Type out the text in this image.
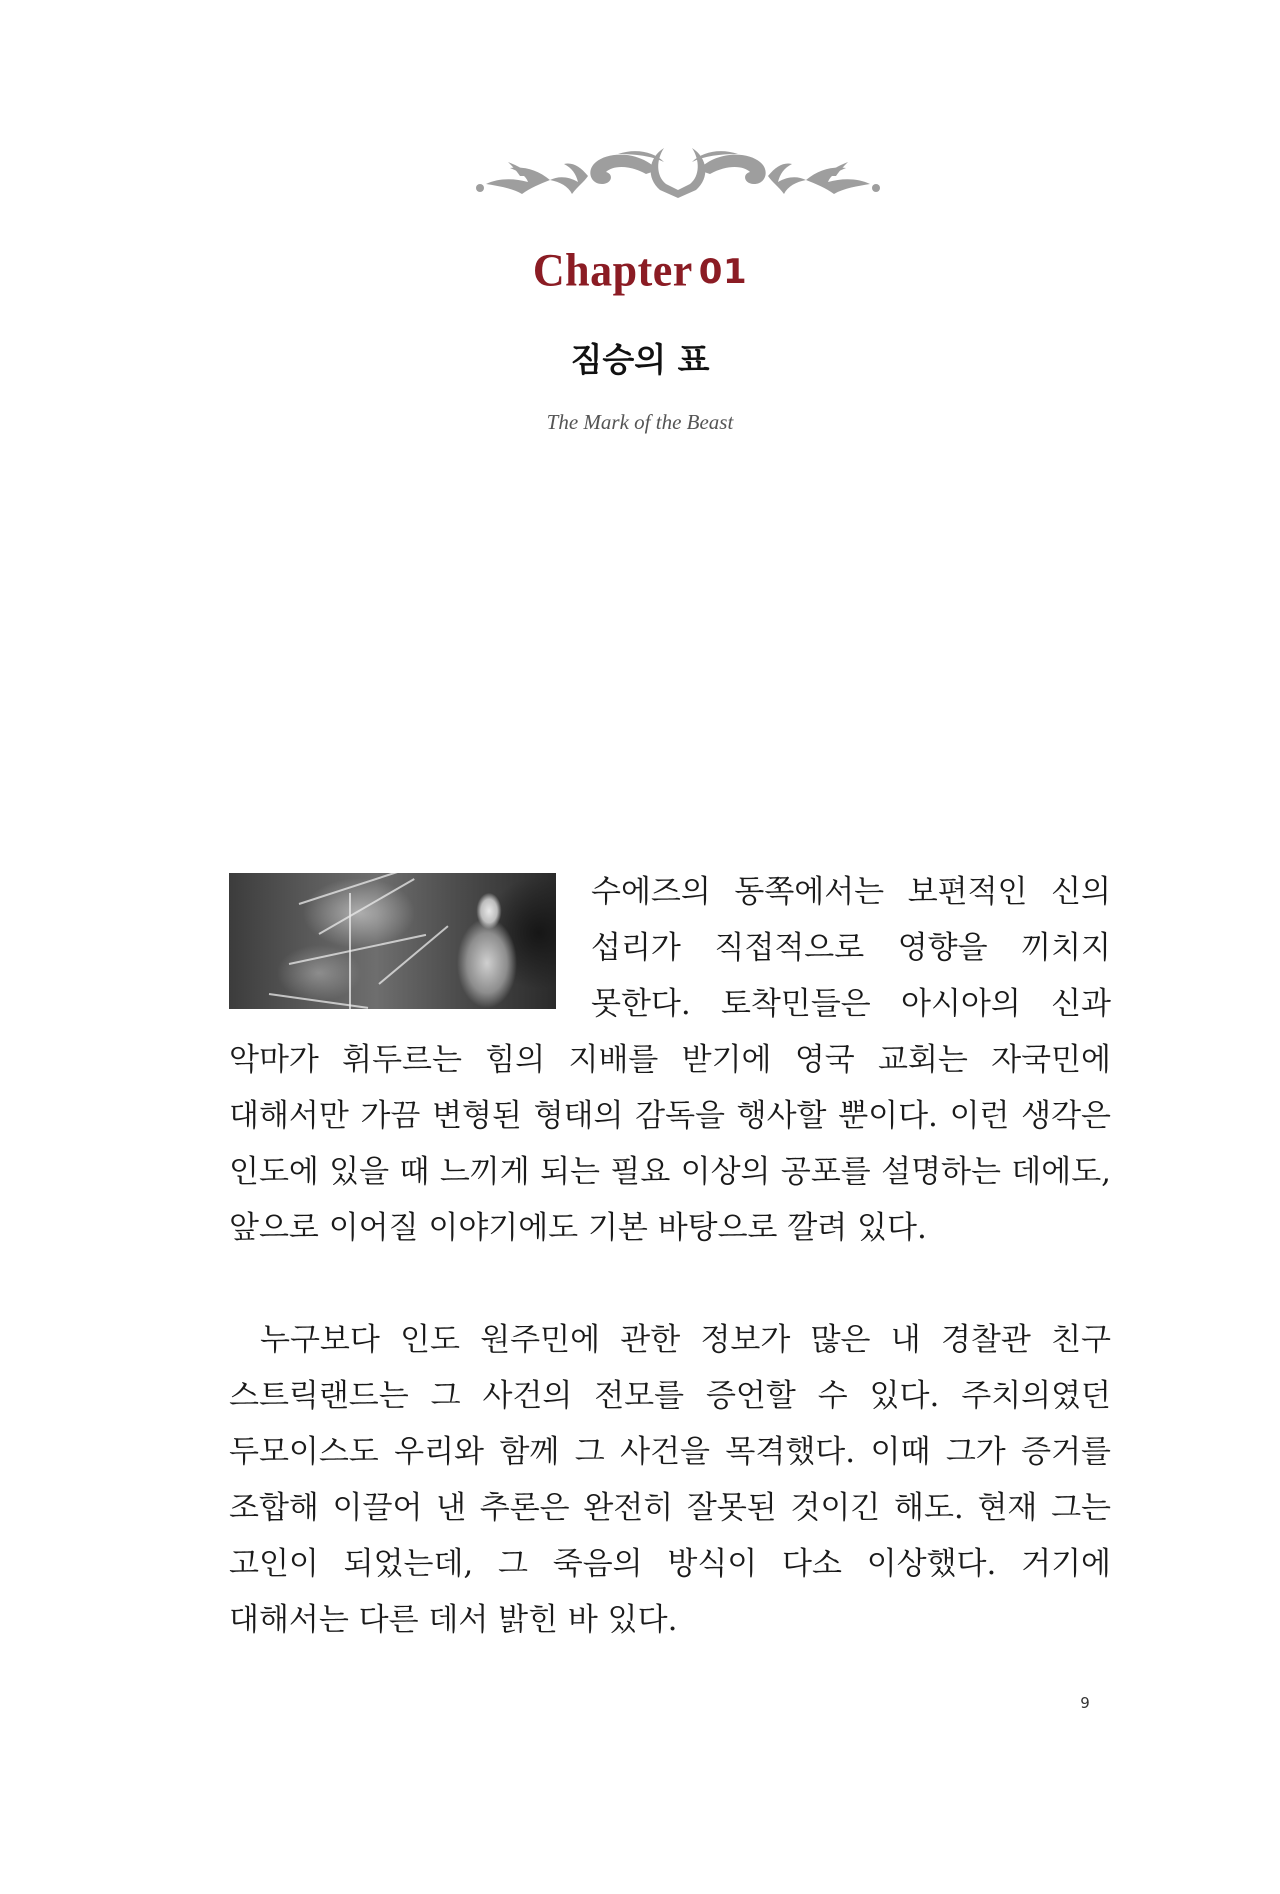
Chapter 01
짐승의 표
The Mark of the Beast

수에즈의 동쪽에서는 보편적인 신의 섭리가 직접적으로 영향을 끼치지 못한다. 토착민들은 아시아의 신과 악마가 휘두르는 힘의 지배를 받기에 영국 교회는 자국민에 대해서만 가끔 변형된 형태의 감독을 행사할 뿐이다. 이런 생각은 인도에 있을 때 느끼게 되는 필요 이상의 공포를 설명하는 데에도, 앞으로 이어질 이야기에도 기본 바탕으로 깔려 있다.

누구보다 인도 원주민에 관한 정보가 많은 내 경찰관 친구 스트릭랜드는 그 사건의 전모를 증언할 수 있다. 주치의였던 두모이스도 우리와 함께 그 사건을 목격했다. 이때 그가 증거를 조합해 이끌어 낸 추론은 완전히 잘못된 것이긴 해도. 현재 그는 고인이 되었는데, 그 죽음의 방식이 다소 이상했다. 거기에 대해서는 다른 데서 밝힌 바 있다.

9
